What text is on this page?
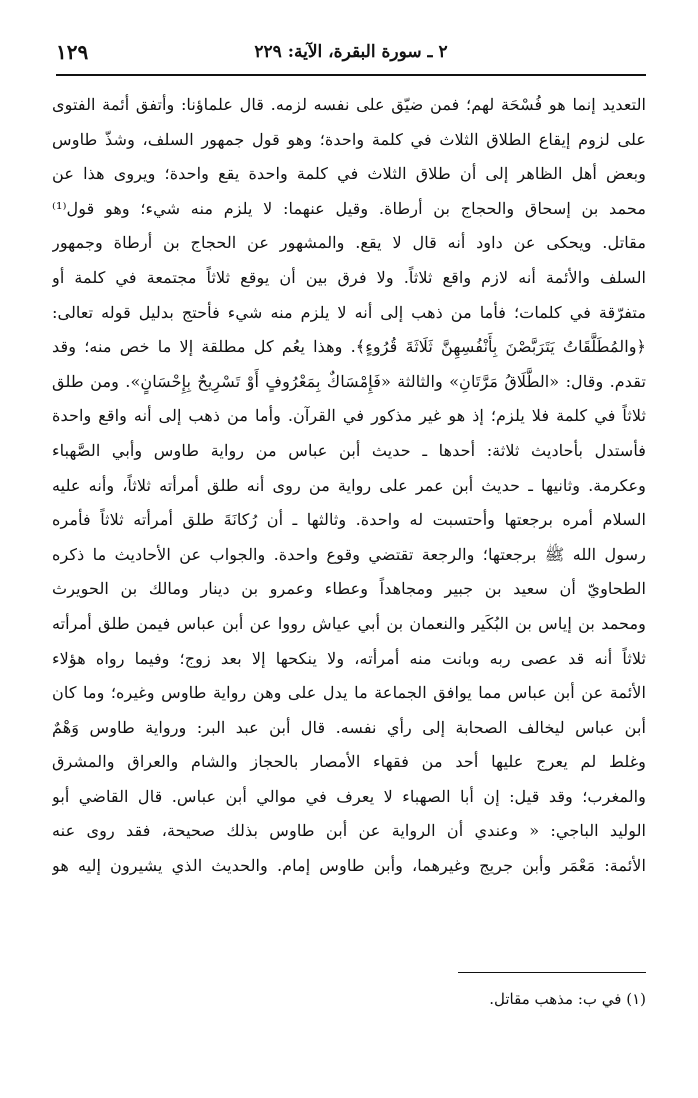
٢ ـ سورة البقرة، الآية: ٢٢٩
١٢٩
التعديد إنما هو فُسْحَة لهم؛ فمن ضيّق على نفسه لزمه. قال علماؤنا: وأتفق أئمة الفتوى
على لزوم إيقاع الطلاق الثلاث في كلمة واحدة؛ وهو قول جمهور السلف، وشذّ طاوس
وبعض أهل الظاهر إلى أن طلاق الثلاث في كلمة واحدة يقع واحدة؛ ويروى هذا عن
محمد بن إسحاق والحجاج بن أرطاة. وقيل عنهما: لا يلزم منه شيء؛ وهو قول⁽¹⁾
مقاتل. ويحكى عن داود أنه قال لا يقع. والمشهور عن الحجاج بن أرطاة وجمهور
السلف والأئمة أنه لازم واقع ثلاثاً. ولا فرق بين أن يوقع ثلاثاً مجتمعة في كلمة أو
متفرّقة في كلمات؛ فأما من ذهب إلى أنه لا يلزم منه شيء فأحتج بدليل قوله تعالى:
﴿والمُطَلَّقَاتُ يَتَرَبَّصْنَ بِأَنْفُسِهِنَّ ثَلَاثَةَ قُرُوءٍ﴾. وهذا يعُم كل مطلقة إلا ما خص منه؛ وقد
تقدم. وقال: «الطَّلَاقُ مَرَّتَانِ» والثالثة «فَإِمْسَاكٌ بِمَعْرُوفٍ أَوْ تَسْرِيحٌ بِإِحْسَانٍ». ومن طلق
ثلاثاً في كلمة فلا يلزم؛ إذ هو غير مذكور في القرآن. وأما من ذهب إلى أنه واقع واحدة
فأستدل بأحاديث ثلاثة: أحدها ـ حديث أبن عباس من رواية طاوس وأبي الصَّهباء
وعكرمة. وثانيها ـ حديث أبن عمر على رواية من روى أنه طلق أمرأته ثلاثاً، وأنه عليه
السلام أمره برجعتها وأحتسبت له واحدة. وثالثها ـ أن رُكانَةَ طلق أمرأته ثلاثاً فأمره
رسول الله ﷺ برجعتها؛ والرجعة تقتضي وقوع واحدة. والجواب عن الأحاديث ما ذكره
الطحاويّ أن سعيد بن جبير ومجاهداً وعطاء وعمرو بن دينار ومالك بن الحويرث
ومحمد بن إياس بن البُكَير والنعمان بن أبي عياش رووا عن أبن عباس فيمن طلق أمرأته
ثلاثاً أنه قد عصى ربه وبانت منه أمرأته، ولا ينكحها إلا بعد زوج؛ وفيما رواه هؤلاء
الأئمة عن أبن عباس مما يوافق الجماعة ما يدل على وهن رواية طاوس وغيره؛ وما كان
أبن عباس ليخالف الصحابة إلى رأي نفسه. قال أبن عبد البر: ورواية طاوس وَهْمٌ
وغلط لم يعرج عليها أحد من فقهاء الأمصار بالحجاز والشام والعراق والمشرق
والمغرب؛ وقد قيل: إن أبا الصهباء لا يعرف في موالي أبن عباس. قال القاضي أبو
الوليد الباجي: « وعندي أن الرواية عن أبن طاوس بذلك صحيحة، فقد روى عنه
الأئمة: مَعْمَر وأبن جريج وغيرهما، وأبن طاوس إمام. والحديث الذي يشيرون إليه هو
(١) في ب: مذهب مقاتل.
